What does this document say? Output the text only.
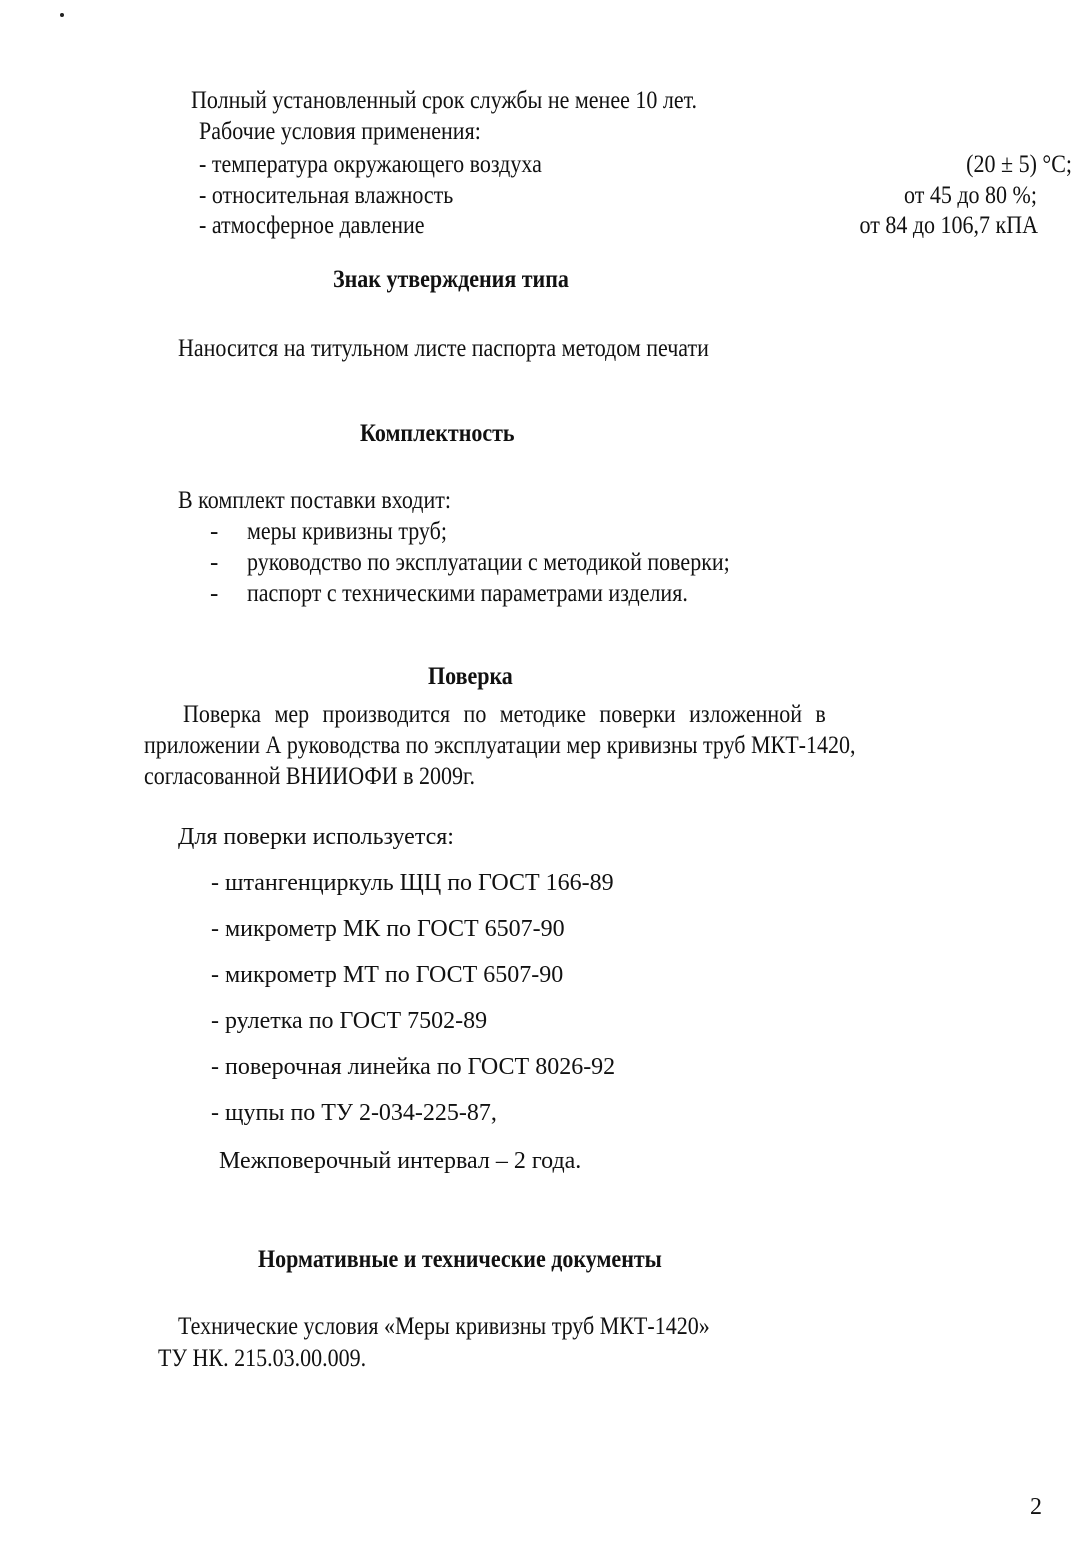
Полный установленный срок службы не менее 10 лет.
Рабочие условия применения:
- температура окружающего воздуха	(20 ± 5) °C;
- относительная влажность	от 45 до 80 %;
- атмосферное давление	от 84 до 106,7 кПА
Знак утверждения типа
Наносится на титульном листе паспорта методом печати
Комплектность
В комплект поставки входит:
- меры кривизны труб;
- руководство по эксплуатации с методикой поверки;
- паспорт с техническими параметрами изделия.
Поверка
Поверка мер производится по методике поверки изложенной в
приложении А руководства по эксплуатации мер кривизны труб МКТ-1420,
согласованной ВНИИОФИ в 2009г.
Для поверки используется:
- штангенциркуль ЩЦ по ГОСТ 166-89
- микрометр МК по ГОСТ 6507-90
- микрометр МТ по ГОСТ 6507-90
- рулетка по ГОСТ 7502-89
- поверочная линейка по ГОСТ 8026-92
- щупы по ТУ 2-034-225-87,
Межповерочный интервал – 2 года.
Нормативные и технические документы
Технические условия «Меры кривизны труб МКТ-1420»
ТУ НК. 215.03.00.009.
2
